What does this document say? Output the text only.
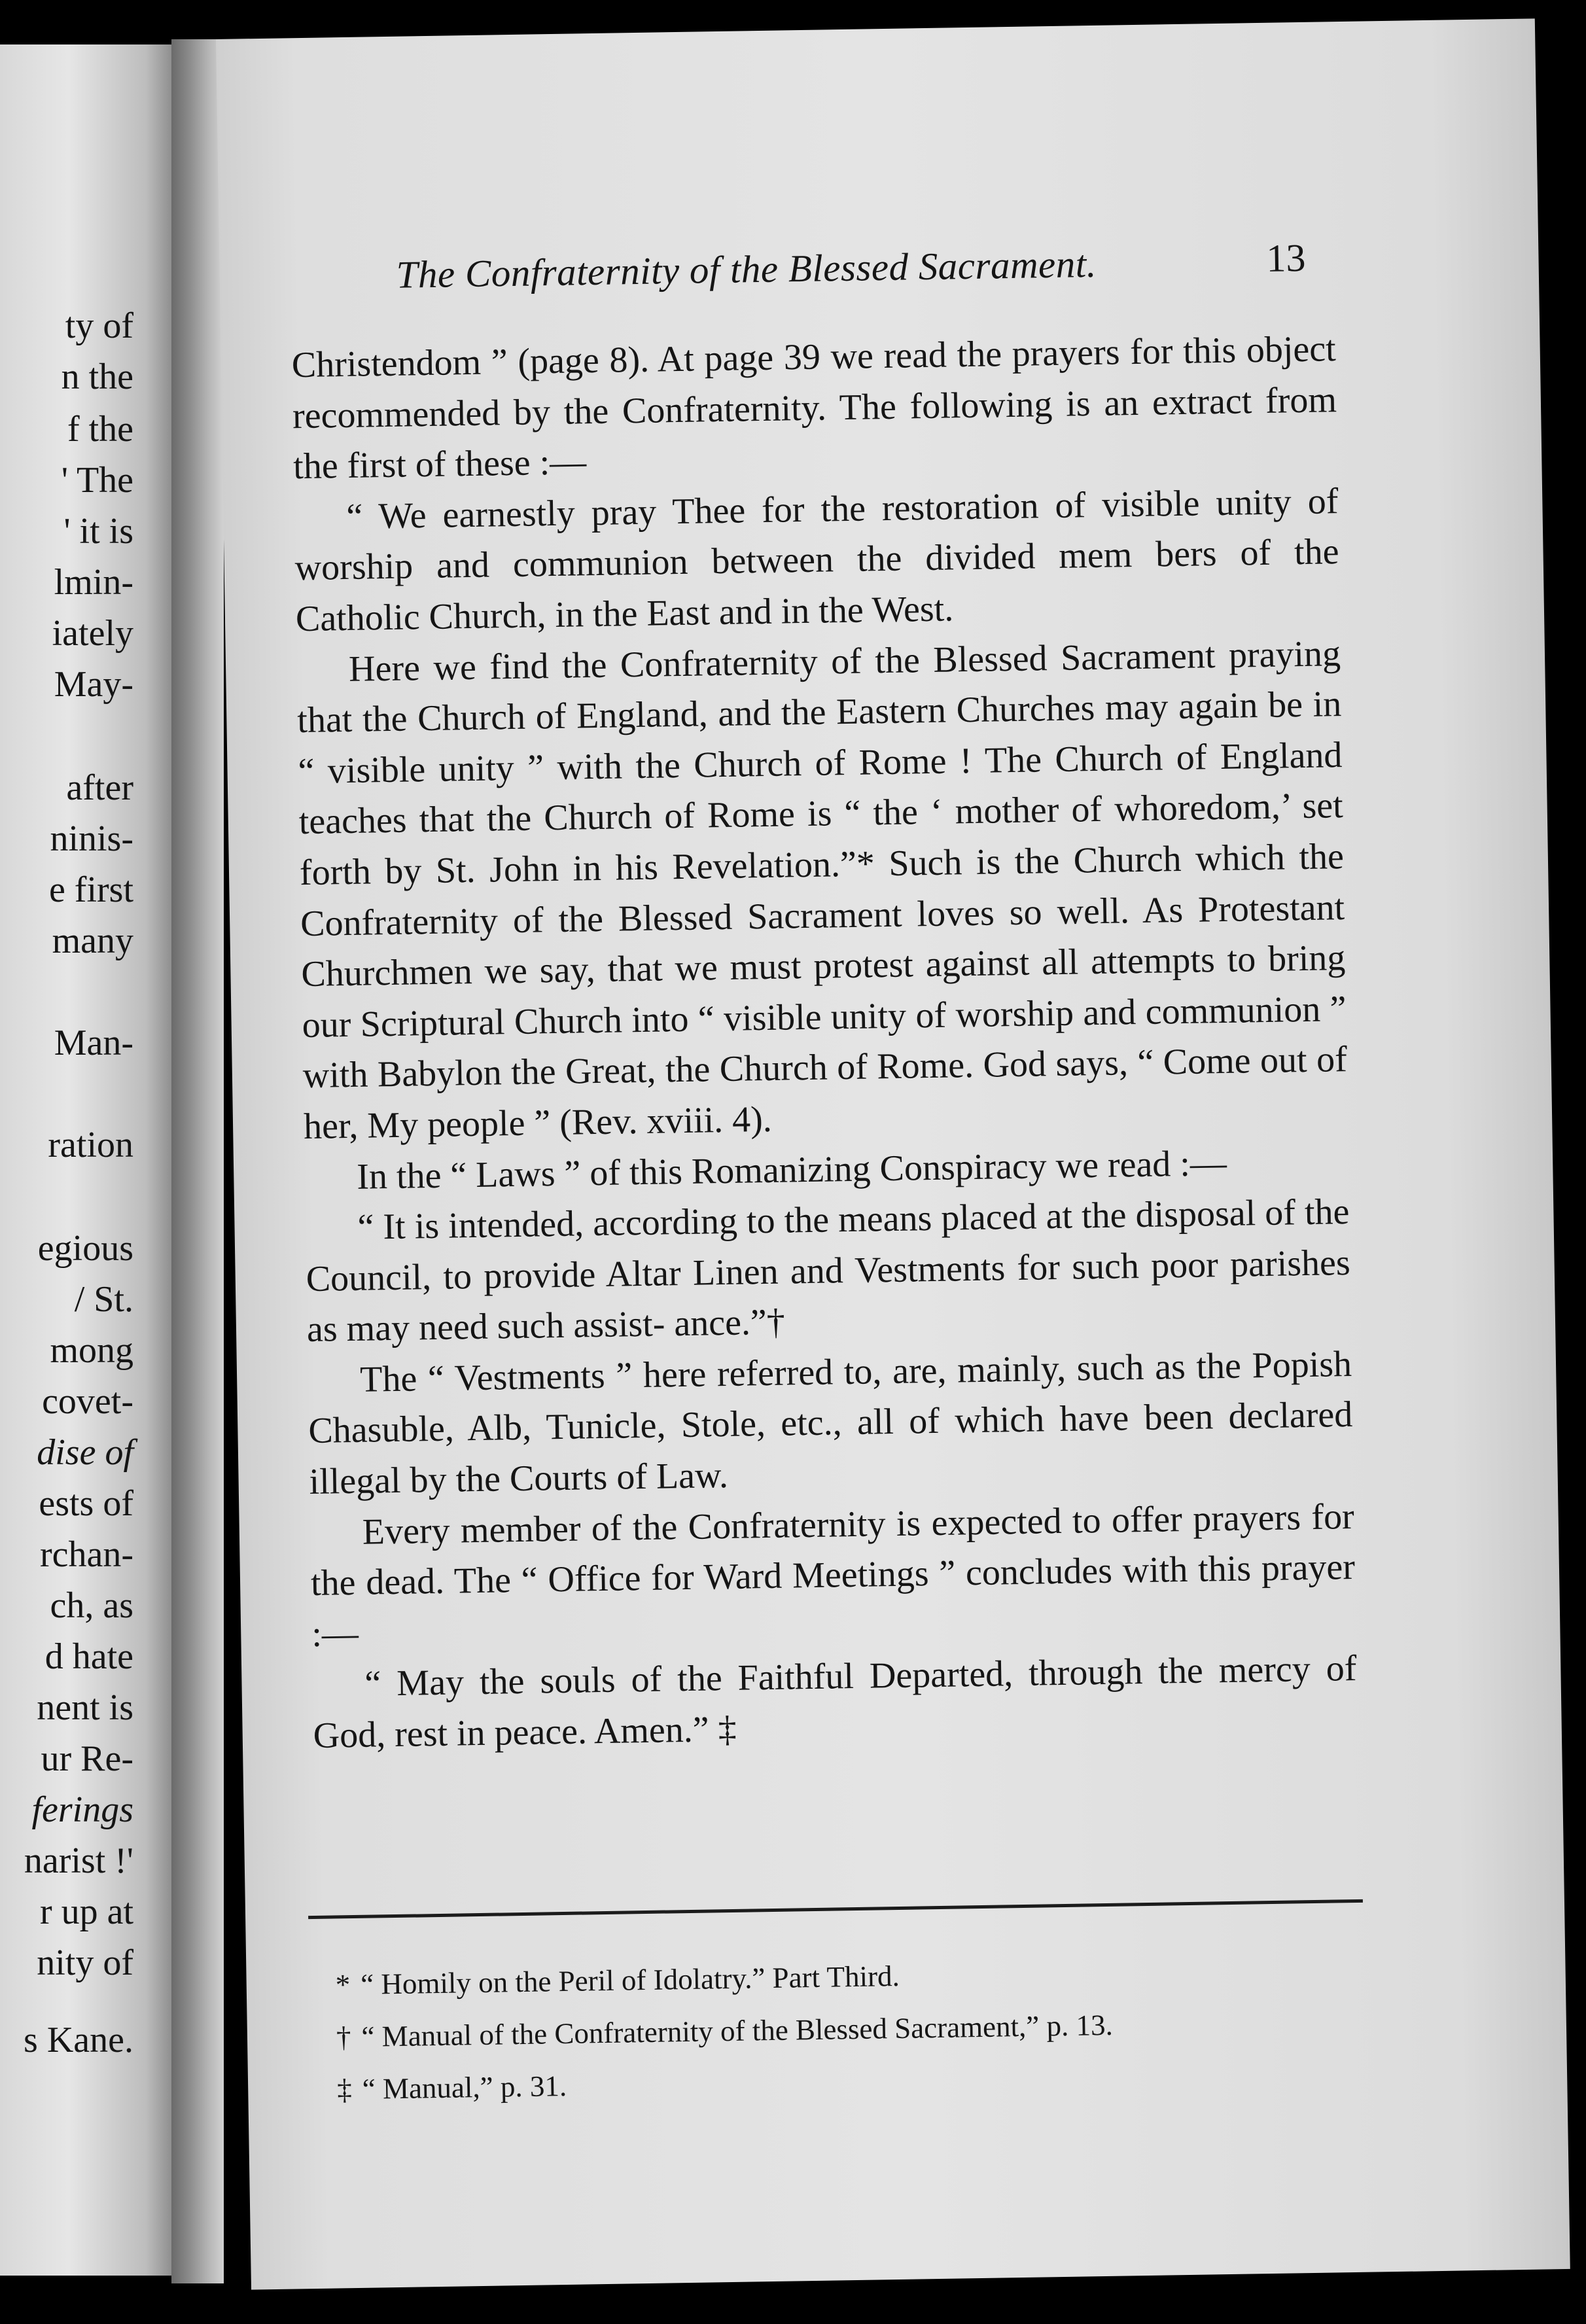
ty of
n the
f the
' The
' it is
lmin-
iately
May-
after
ninis-
e first
many
Man-
ration
egious
/ St.
mong
covet-
dise of
ests of
rchan-
ch, as
d hate
nent is
ur Re-
ferings
narist !'
r up at
nity of
s Kane.
The Confraternity of the Blessed Sacrament.	13

Christendom ” (page 8). At page 39 we read the prayers for this object recommended by the Confraternity. The following is an extract from the first of these :—

“ We earnestly pray Thee for the restoration of visible unity of worship and communion between the divided mem bers of the Catholic Church, in the East and in the West.

Here we find the Confraternity of the Blessed Sacrament praying that the Church of England, and the Eastern Churches may again be in “ visible unity ” with the Church of Rome ! The Church of England teaches that the Church of Rome is “ the ‘ mother of whoredom,’ set forth by St. John in his Revelation.”* Such is the Church which the Confraternity of the Blessed Sacrament loves so well. As Protestant Churchmen we say, that we must protest against all attempts to bring our Scriptural Church into “ visible unity of worship and communion ” with Babylon the Great, the Church of Rome. God says, “ Come out of her, My people ” (Rev. xviii. 4).

In the “ Laws ” of this Romanizing Conspiracy we read :—

“ It is intended, according to the means placed at the disposal of the Council, to provide Altar Linen and Vestments for such poor parishes as may need such assist- ance.”†

The “ Vestments ” here referred to, are, mainly, such as the Popish Chasuble, Alb, Tunicle, Stole, etc., all of which have been declared illegal by the Courts of Law.

Every member of the Confraternity is expected to offer prayers for the dead. The “ Office for Ward Meetings ” concludes with this prayer :—

“ May the souls of the Faithful Departed, through the mercy of God, rest in peace. Amen.” ‡

* “ Homily on the Peril of Idolatry.” Part Third.
† “ Manual of the Confraternity of the Blessed Sacrament,” p. 13.
‡ “ Manual,” p. 31.
